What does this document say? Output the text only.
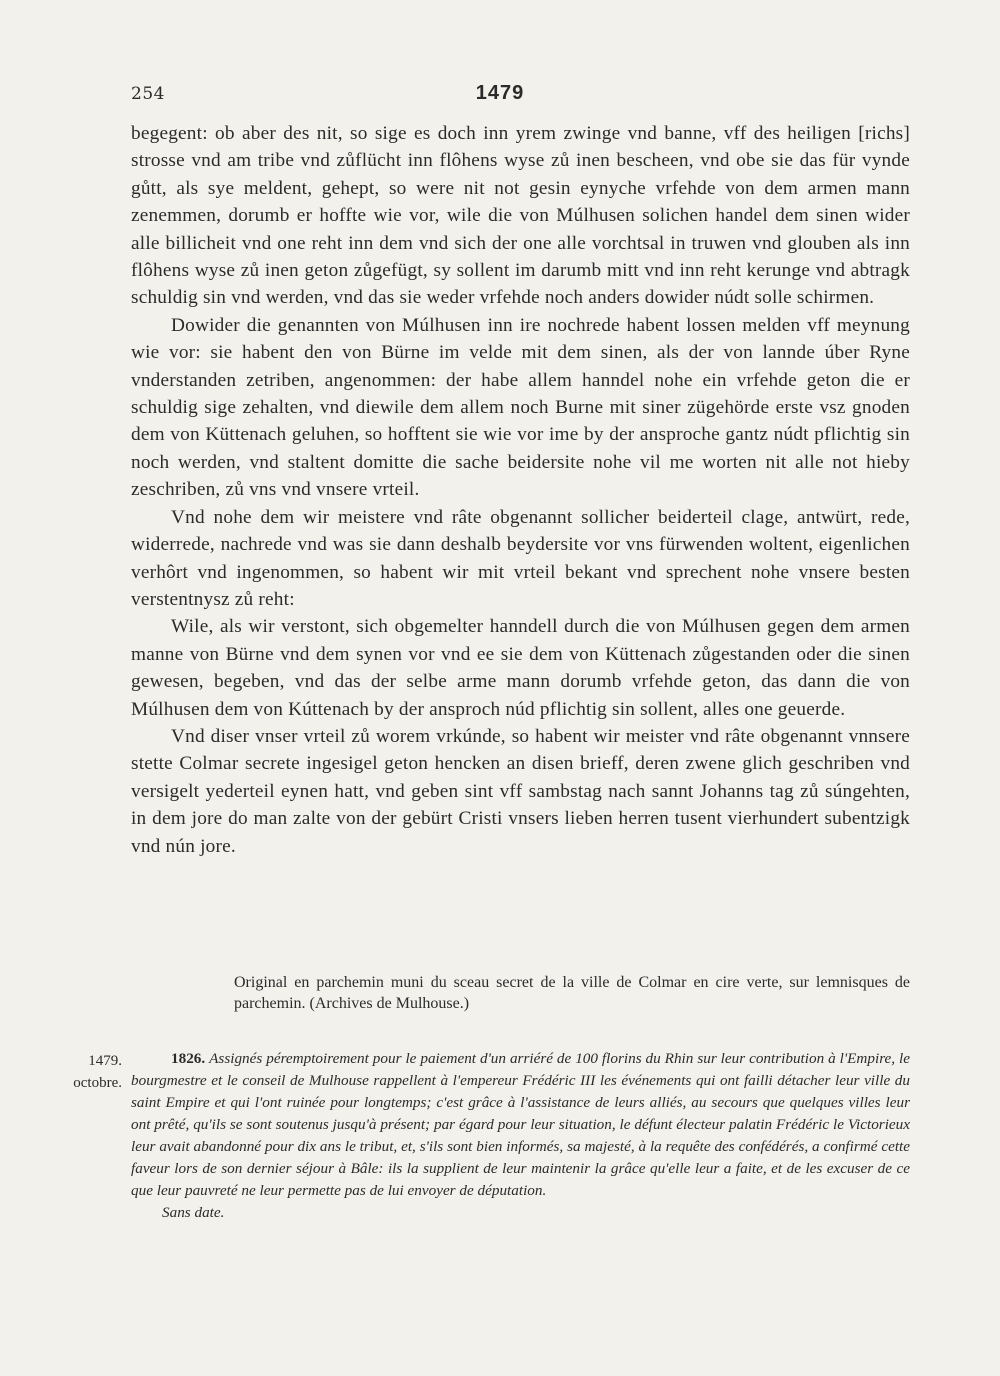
254	1479

begegent: ob aber des nit, so sige es doch inn yrem zwinge vnd banne, vff des heiligen [richs] strosse vnd am tribe vnd zůflücht inn flôhens wyse zů inen bescheen, vnd obe sie das für vynde gůtt, als sye meldent, gehept, so were nit not gesin eynyche vrfehde von dem armen mann zenemmen, dorumb er hoffte wie vor, wile die von Múlhusen solichen handel dem sinen wider alle billicheit vnd one reht inn dem vnd sich der one alle vorchtsal in truwen vnd glouben als inn flôhens wyse zů inen geton zůgefügt, sy sollent im darumb mitt vnd inn reht kerunge vnd abtragk schuldig sin vnd werden, vnd das sie weder vrfehde noch anders dowider núdt solle schirmen.

Dowider die genannten von Múlhusen inn ire nochrede habent lossen melden vff meynung wie vor: sie habent den von Bürne im velde mit dem sinen, als der von lannde úber Ryne vnderstanden zetriben, angenommen: der habe allem hanndel nohe ein vrfehde geton die er schuldig sige zehalten, vnd diewile dem allem noch Burne mit siner zügehörde erste vsz gnoden dem von Küttenach geluhen, so hofftent sie wie vor ime by der ansproche gantz núdt pflichtig sin noch werden, vnd staltent domitte die sache beidersite nohe vil me worten nit alle not hieby zeschriben, zů vns vnd vnsere vrteil.

Vnd nohe dem wir meistere vnd râte obgenannt sollicher beiderteil clage, antwürt, rede, widerrede, nachrede vnd was sie dann deshalb beydersite vor vns fürwenden woltent, eigenlichen verhôrt vnd ingenommen, so habent wir mit vrteil bekant vnd sprechent nohe vnsere besten verstentnysz zů reht:

Wile, als wir verstont, sich obgemelter hanndell durch die von Múlhusen gegen dem armen manne von Bürne vnd dem synen vor vnd ee sie dem von Küttenach zůgestanden oder die sinen gewesen, begeben, vnd das der selbe arme mann dorumb vrfehde geton, das dann die von Múlhusen dem von Kúttenach by der ansproch núd pflichtig sin sollent, alles one geuerde.

Vnd diser vnser vrteil zů worem vrkúnde, so habent wir meister vnd râte obgenannt vnnsere stette Colmar secrete ingesigel geton hencken an disen brieff, deren zwene glich geschriben vnd versigelt yederteil eynen hatt, vnd geben sint vff sambstag nach sannt Johanns tag zů súngehten, in dem jore do man zalte von der gebürt Cristi vnsers lieben herren tusent vierhundert subentzigk vnd nún jore.

Original en parchemin muni du sceau secret de la ville de Colmar en cire verte, sur lemnisques de parchemin. (Archives de Mulhouse.)
1479.
octobre.
1826. Assignés péremptoirement pour le paiement d'un arriéré de 100 florins du Rhin sur leur contribution à l'Empire, le bourgmestre et le conseil de Mulhouse rappellent à l'empereur Frédéric III les événements qui ont failli détacher leur ville du saint Empire et qui l'ont ruinée pour longtemps; c'est grâce à l'assistance de leurs alliés, au secours que quelques villes leur ont prêté, qu'ils se sont soutenus jusqu'à présent; par égard pour leur situation, le défunt électeur palatin Frédéric le Victorieux leur avait abandonné pour dix ans le tribut, et, s'ils sont bien informés, sa majesté, à la requête des confédérés, a confirmé cette faveur lors de son dernier séjour à Bâle: ils la supplient de leur maintenir la grâce qu'elle leur a faite, et de les excuser de ce que leur pauvreté ne leur permette pas de lui envoyer de députation.
Sans date.
